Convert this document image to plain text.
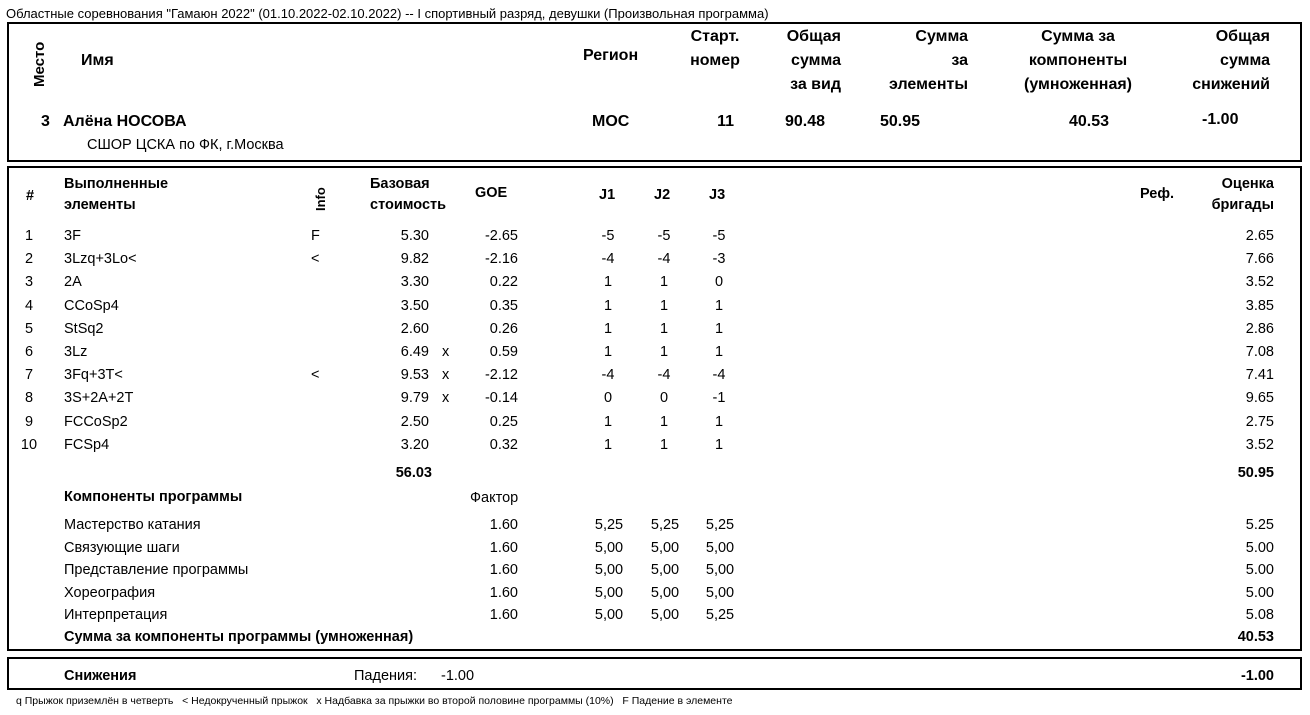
Областные соревнования "Гамаюн 2022" (01.10.2022-02.10.2022) -- I спортивный разряд, девушки (Произвольная программа)
Место Имя	Регион
Старт.
номер
Общая
сумма
за вид
Сумма
за
элементы
Сумма за
компоненты
(умноженная)
Общая
сумма
снижений
3 Алёна НОСОВА
СШОР ЦСКА по ФК, г.Москва
MOC	11	90.48	50.95	40.53	-1.00
#
Выполненные
элементы	Info
Базовая
стоимость
GOE	J1	J2	J3	Реф.
Оценка
бригады
1	3F	F	5.30	-2.65	-5	-5	-5	2.65
2	3Lzq+3Lo<	<	9.82	-2.16	-4	-4	-3	7.66
3	2A	3.30	0.22	1	1	0	3.52
4	CCoSp4	3.50	0.35	1	1	1	3.85
5	StSq2	2.60	0.26	1	1	1	2.86
6	3Lz	6.49 x	0.59	1	1	1	7.08
7	3Fq+3T<	<	9.53 x	-2.12	-4	-4	-4	7.41
8	3S+2A+2T	9.79 x	-0.14	0	0	-1	9.65
9	FCCoSp2	2.50	0.25	1	1	1	2.75
10 FCSp4	3.20	0.32	1	1	1	3.52
56.03	50.95
Компоненты программы	Фактор
Мастерство катания	1.60	5,25	5,25	5,25	5.25
Связующие шаги	1.60	5,00	5,00	5,00	5.00
Представление программы	1.60	5,00	5,00	5,00	5.00
Хореография	1.60	5,00	5,00	5,00	5.00
Интерпретация	1.60	5,00	5,00	5,25	5.08
Сумма за компоненты программы (умноженная)	40.53
Снижения	Падения: -1.00	-1.00
q Прыжок приземлён в четверть   < Недокрученный прыжок   x Надбавка за прыжки во второй половине программы (10%)   F Падение в элементе
